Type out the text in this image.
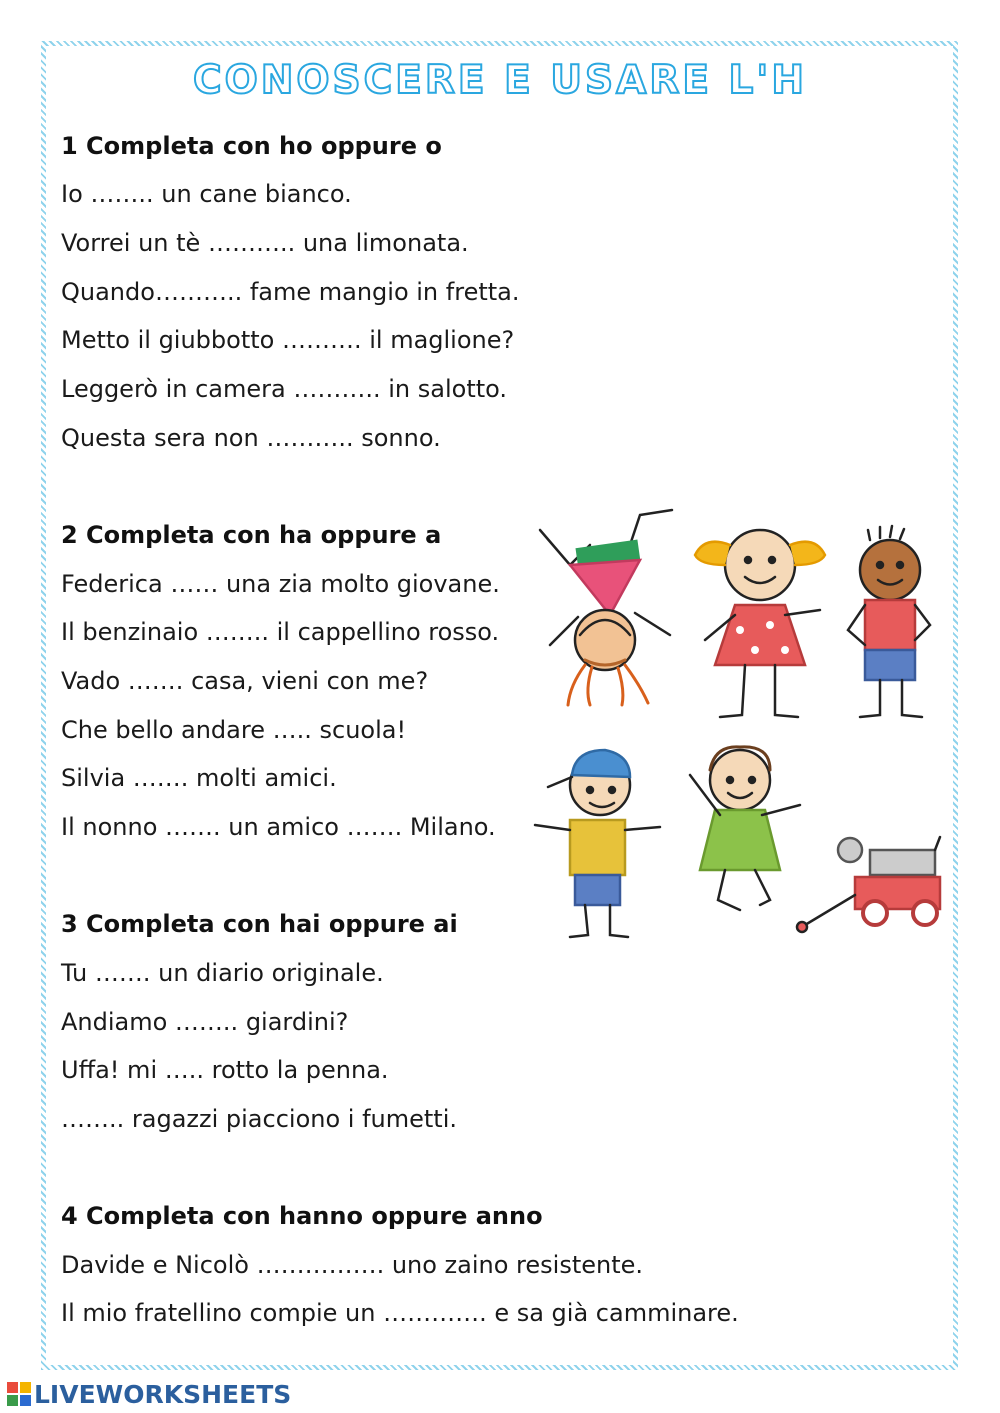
CONOSCERE E USARE L'H
1 Completa con ho oppure o
Io …….. un cane bianco.
Vorrei un tè ……….. una limonata.
Quando……….. fame mangio in fretta.
Metto il giubbotto ………. il maglione?
Leggerò in camera ……….. in salotto.
Questa sera non ……….. sonno.
2 Completa con ha oppure a
Federica …… una zia molto giovane.
Il benzinaio …….. il cappellino rosso.
Vado ……. casa, vieni con me?
Che bello andare ….. scuola!
Silvia ……. molti amici.
Il nonno ……. un amico ……. Milano.
3 Completa con hai oppure ai
Tu ……. un diario originale.
Andiamo …….. giardini?
Uffa! mi ….. rotto la penna.
…….. ragazzi piacciono i fumetti.
4 Completa con hanno oppure anno
Davide e Nicolò ……………. uno zaino resistente.
Il mio fratellino compie un …………. e sa già camminare.
LIVEWORKSHEETS
